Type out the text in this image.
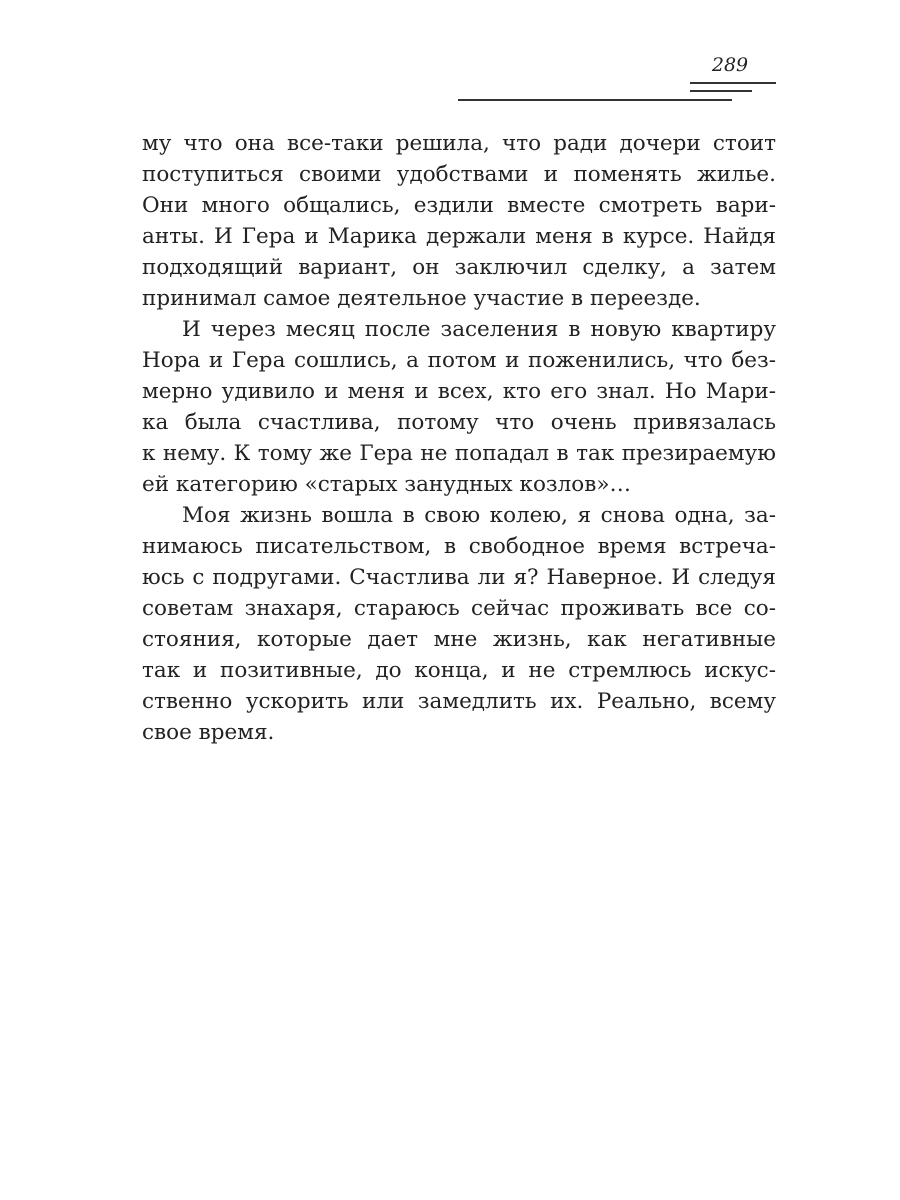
289
му что она все-таки решила, что ради дочери стоит
поступиться своими удобствами и поменять жилье.
Они много общались, ездили вместе смотреть вари-
анты. И Гера и Марика держали меня в курсе. Найдя
подходящий вариант, он заключил сделку, а затем
принимал самое деятельное участие в переезде.
И через месяц после заселения в новую квартиру
Нора и Гера сошлись, а потом и поженились, что без-
мерно удивило и меня и всех, кто его знал. Но Мари-
ка была счастлива, потому что очень привязалась
к нему. К тому же Гера не попадал в так презираемую
ей категорию «старых занудных козлов»…
Моя жизнь вошла в свою колею, я снова одна, за-
нимаюсь писательством, в свободное время встреча-
юсь с подругами. Счастлива ли я? Наверное. И следуя
советам знахаря, стараюсь сейчас проживать все со-
стояния, которые дает мне жизнь, как негативные
так и позитивные, до конца, и не стремлюсь искус-
ственно ускорить или замедлить их. Реально, всему
свое время.
